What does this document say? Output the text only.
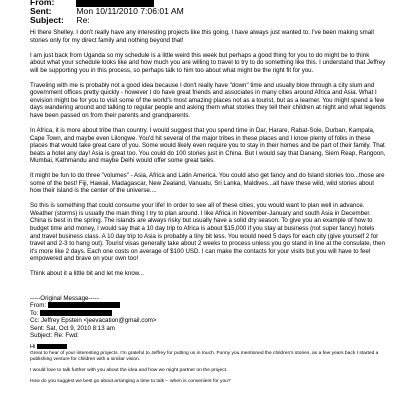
From:
Sent:	Mon 10/11/2010 7:06:01 AM
Subject: Re:

Hi there Shelley. I don't really have any interesting projects like this going, I have always just wanted to. I've been making small stories only for my direct family and nothing beyond that!

I am just back from Uganda so my schedule is a little weird this week but perhaps a good thing for you to do might be to think about what your schedule looks like and how much you are willing to travel to try to do something like this. I understand that Jeffrey will be supporting you in this process, so perhaps talk to him too about what might be the right fit for you.

Traveling with me is probably not a good idea because I don't really have "down" time and usually blow through a city slum and government offices pretty quickly - however I do have great friends and associates in many cities around Africa and Asia. What I envision might be for you to visit some of the world's most amazing places not as a tourist, but as a learner. You might spend a few days wandering around and talking to regular people and asking them what stories they tell their children at night and what legends have been passed on from their parents and grandparents.

In Africa, it is more about tribe than country. I would suggest that you spend time in Dar, Harare, Rabat-Sole, Durban, Kampala, Cape Town, and maybe even Lilongwe. You'd hit several of the major tribes in these places and I know plenty of folks in these places that would take great care of you. Some would likely even require you to stay in their homes and be part of their family. That beats a hotel any day! Asia is great too. You could do 100 stories just in China. But I would say that Danang, Siem Reap, Rangoon, Mumbai, Kathmandu and maybe Delhi would offer some great tales.

It might be fun to do three "volumes" - Asia, Africa and Latin America. You could also get fancy and do Island stories too...those are some of the best! Fiji, Hawaii, Madagascar, New Zealand, Vanuatu, Sri Lanka, Maldives...all have these wild, wild stories about how their island is the center of the universe....

So this is something that could consume your life! In order to see all of these cities, you would want to plan well in advance. Weather (storms) is usually the main thing I try to plan around. I like Africa in November-January and south Asia in December. China is best in the spring. The islands are always risky but usually have a solid dry season. To give you an example of how to budget time and money, I would say that a 10 day trip to Africa is about $15,000 if you stay at business (not super fancy) hotels and travel business class. A 10 day trip to Asia is probably a tiny bit less. You would need 5 days for each city (give yourself 2 for travel and 2-3 to hang out). Tourist visas generally take about 2 weeks to process unless you go stand in line at the consulate, then it's more like 2 days. Each one costs on average of $100 USD. I can make the contacts for your visits but you will have to feel empowered and brave on your own too!

Think about it a little bit and let me know...

-----Original Message-----
From:
To:
Cc: Jeffrey Epstein <jeevacation@gmail.com>
Sent: Sat, Oct 9, 2010 8:13 am
Subject: Re: Fwd:
Hi

Great to hear of your interesting projects. I'm grateful to Jeffrey for putting us in touch. Funny you mentioned the children's stories, as a few years back I started a publishing venture for children with a similar vision.

I would love to talk further with you about the idea and how we might partner on the project.

How do you suggest we best go about arranging a time to talk -- when is convenient for you?
